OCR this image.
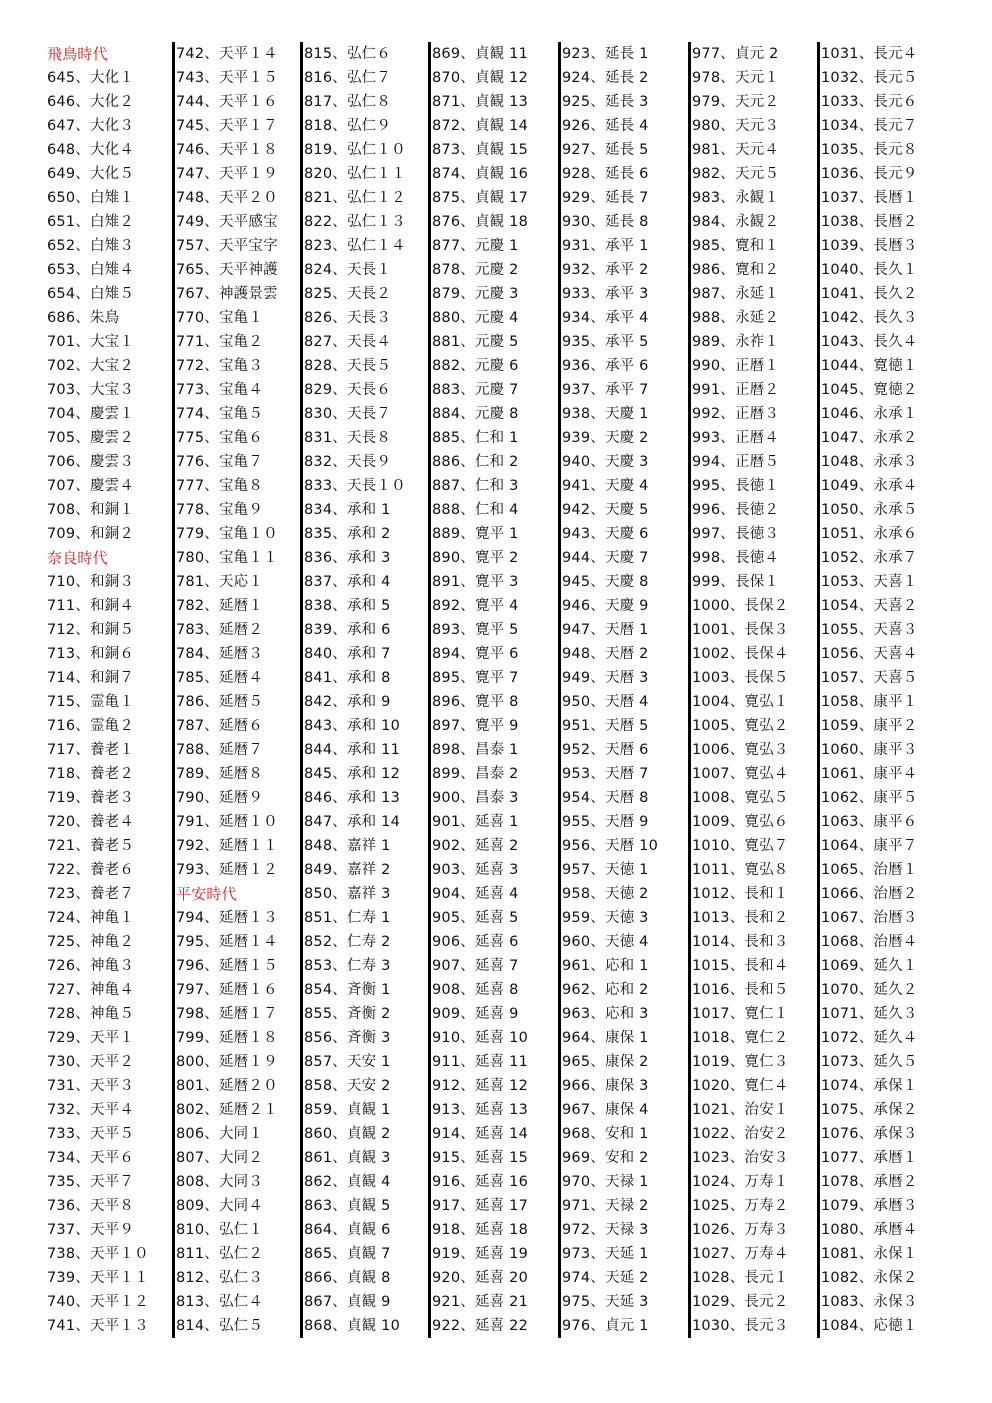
飛鳥時代
645、大化１
646、大化２
647、大化３
648、大化４
649、大化５
650、白雉１
651、白雉２
652、白雉３
653、白雉４
654、白雉５
686、朱鳥
701、大宝１
702、大宝２
703、大宝３
704、慶雲１
705、慶雲２
706、慶雲３
707、慶雲４
708、和銅１
709、和銅２
奈良時代
710、和銅３
711、和銅４
712、和銅５
713、和銅６
714、和銅７
715、霊亀１
716、霊亀２
717、養老１
718、養老２
719、養老３
720、養老４
721、養老５
722、養老６
723、養老７
724、神亀１
725、神亀２
726、神亀３
727、神亀４
728、神亀５
729、天平１
730、天平２
731、天平３
732、天平４
733、天平５
734、天平６
735、天平７
736、天平８
737、天平９
738、天平１０
739、天平１１
740、天平１２
741、天平１３
742、天平１４
743、天平１５
744、天平１６
745、天平１７
746、天平１８
747、天平１９
748、天平２０
749、天平感宝
757、天平宝字
765、天平神護
767、神護景雲
770、宝亀１
771、宝亀２
772、宝亀３
773、宝亀４
774、宝亀５
775、宝亀６
776、宝亀７
777、宝亀８
778、宝亀９
779、宝亀１０
780、宝亀１１
781、天応１
782、延暦１
783、延暦２
784、延暦３
785、延暦４
786、延暦５
787、延暦６
788、延暦７
789、延暦８
790、延暦９
791、延暦１０
792、延暦１１
793、延暦１２
平安時代
794、延暦１３
795、延暦１４
796、延暦１５
797、延暦１６
798、延暦１７
799、延暦１８
800、延暦１９
801、延暦２０
802、延暦２１
806、大同１
807、大同２
808、大同３
809、大同４
810、弘仁１
811、弘仁２
812、弘仁３
813、弘仁４
814、弘仁５
815、弘仁６
816、弘仁７
817、弘仁８
818、弘仁９
819、弘仁１０
820、弘仁１１
821、弘仁１２
822、弘仁１３
823、弘仁１４
824、天長１
825、天長２
826、天長３
827、天長４
828、天長５
829、天長６
830、天長７
831、天長８
832、天長９
833、天長１０
834、承和 1
835、承和 2
836、承和 3
837、承和 4
838、承和 5
839、承和 6
840、承和 7
841、承和 8
842、承和 9
843、承和 10
844、承和 11
845、承和 12
846、承和 13
847、承和 14
848、嘉祥 1
849、嘉祥 2
850、嘉祥 3
851、仁寿 1
852、仁寿 2
853、仁寿 3
854、斉衡 1
855、斉衡 2
856、斉衡 3
857、天安 1
858、天安 2
859、貞観 1
860、貞観 2
861、貞観 3
862、貞観 4
863、貞観 5
864、貞観 6
865、貞観 7
866、貞観 8
867、貞観 9
868、貞観 10
869、貞観 11
870、貞観 12
871、貞観 13
872、貞観 14
873、貞観 15
874、貞観 16
875、貞観 17
876、貞観 18
877、元慶 1
878、元慶 2
879、元慶 3
880、元慶 4
881、元慶 5
882、元慶 6
883、元慶 7
884、元慶 8
885、仁和 1
886、仁和 2
887、仁和 3
888、仁和 4
889、寛平 1
890、寛平 2
891、寛平 3
892、寛平 4
893、寛平 5
894、寛平 6
895、寛平 7
896、寛平 8
897、寛平 9
898、昌泰 1
899、昌泰 2
900、昌泰 3
901、延喜 1
902、延喜 2
903、延喜 3
904、延喜 4
905、延喜 5
906、延喜 6
907、延喜 7
908、延喜 8
909、延喜 9
910、延喜 10
911、延喜 11
912、延喜 12
913、延喜 13
914、延喜 14
915、延喜 15
916、延喜 16
917、延喜 17
918、延喜 18
919、延喜 19
920、延喜 20
921、延喜 21
922、延喜 22
923、延長 1
924、延長 2
925、延長 3
926、延長 4
927、延長 5
928、延長 6
929、延長 7
930、延長 8
931、承平 1
932、承平 2
933、承平 3
934、承平 4
935、承平 5
936、承平 6
937、承平 7
938、天慶 1
939、天慶 2
940、天慶 3
941、天慶 4
942、天慶 5
943、天慶 6
944、天慶 7
945、天慶 8
946、天慶 9
947、天暦 1
948、天暦 2
949、天暦 3
950、天暦 4
951、天暦 5
952、天暦 6
953、天暦 7
954、天暦 8
955、天暦 9
956、天暦 10
957、天徳 1
958、天徳 2
959、天徳 3
960、天徳 4
961、応和 1
962、応和 2
963、応和 3
964、康保 1
965、康保 2
966、康保 3
967、康保 4
968、安和 1
969、安和 2
970、天禄 1
971、天禄 2
972、天禄 3
973、天延 1
974、天延 2
975、天延 3
976、貞元 1
977、貞元 2
978、天元１
979、天元２
980、天元３
981、天元４
982、天元５
983、永観１
984、永観２
985、寛和１
986、寛和２
987、永延１
988、永延２
989、永祚１
990、正暦１
991、正暦２
992、正暦３
993、正暦４
994、正暦５
995、長徳１
996、長徳２
997、長徳３
998、長徳４
999、長保１
1000、長保２
1001、長保３
1002、長保４
1003、長保５
1004、寛弘１
1005、寛弘２
1006、寛弘３
1007、寛弘４
1008、寛弘５
1009、寛弘６
1010、寛弘７
1011、寛弘８
1012、長和１
1013、長和２
1014、長和３
1015、長和４
1016、長和５
1017、寛仁１
1018、寛仁２
1019、寛仁３
1020、寛仁４
1021、治安１
1022、治安２
1023、治安３
1024、万寿１
1025、万寿２
1026、万寿３
1027、万寿４
1028、長元１
1029、長元２
1030、長元３
1031、長元４
1032、長元５
1033、長元６
1034、長元７
1035、長元８
1036、長元９
1037、長暦１
1038、長暦２
1039、長暦３
1040、長久１
1041、長久２
1042、長久３
1043、長久４
1044、寛徳１
1045、寛徳２
1046、永承１
1047、永承２
1048、永承３
1049、永承４
1050、永承５
1051、永承６
1052、永承７
1053、天喜１
1054、天喜２
1055、天喜３
1056、天喜４
1057、天喜５
1058、康平１
1059、康平２
1060、康平３
1061、康平４
1062、康平５
1063、康平６
1064、康平７
1065、治暦１
1066、治暦２
1067、治暦３
1068、治暦４
1069、延久１
1070、延久２
1071、延久３
1072、延久４
1073、延久５
1074、承保１
1075、承保２
1076、承保３
1077、承暦１
1078、承暦２
1079、承暦３
1080、承暦４
1081、永保１
1082、永保２
1083、永保３
1084、応徳１
